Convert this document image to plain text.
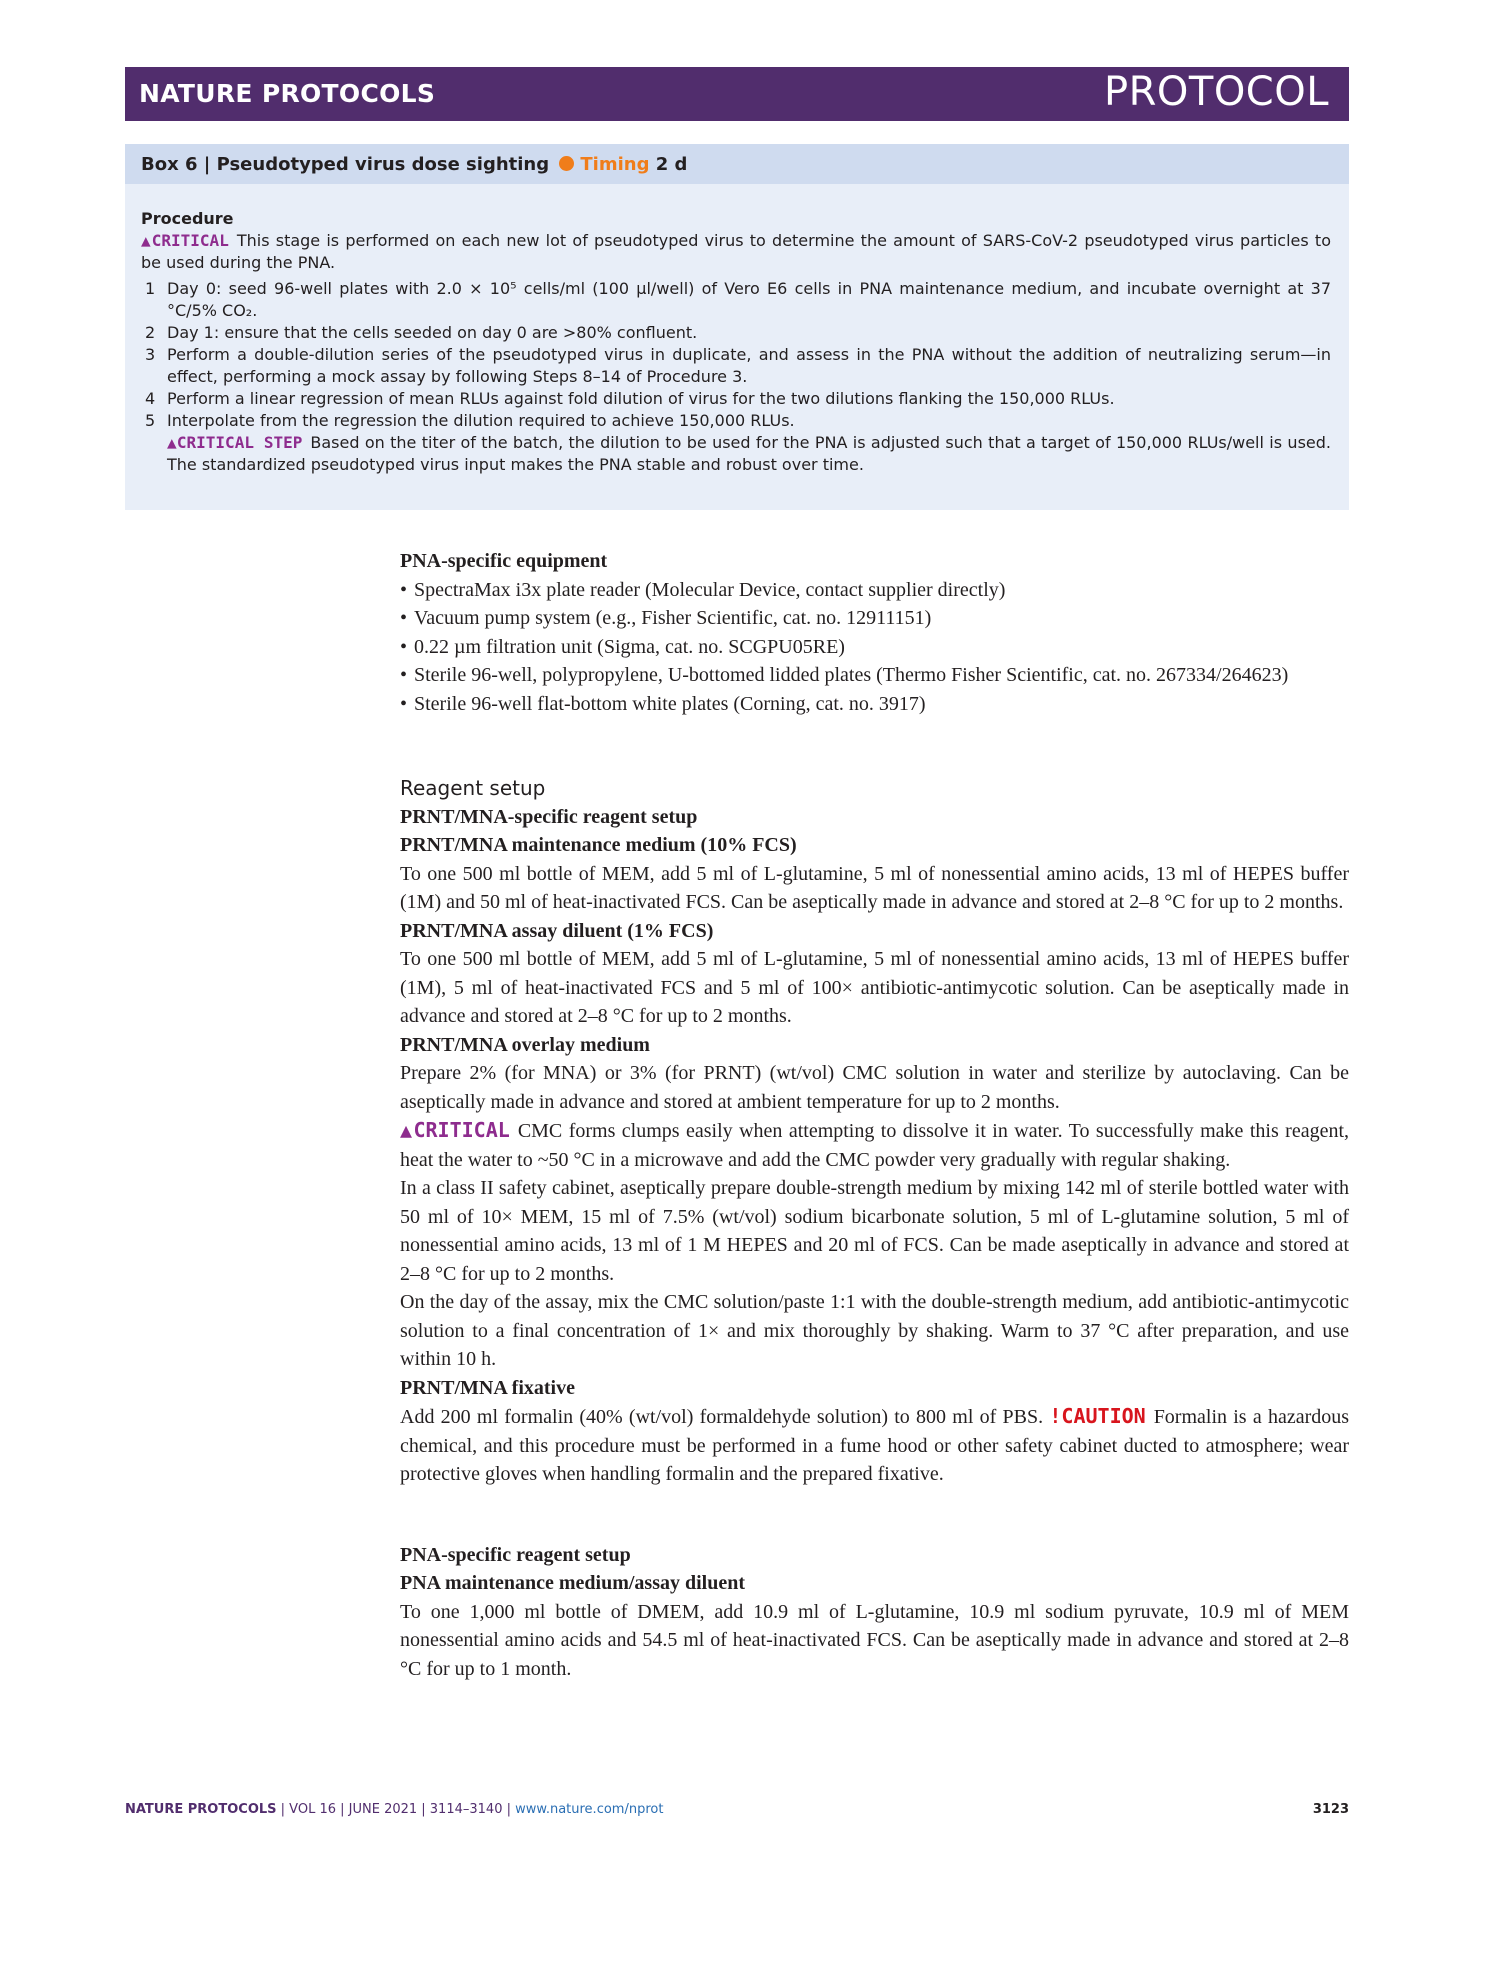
NATURE PROTOCOLS	PROTOCOL
Box 6 | Pseudotyped virus dose sighting Timing 2 d
Procedure

▲CRITICAL This stage is performed on each new lot of pseudotyped virus to determine the amount of SARS-CoV-2 pseudotyped virus particles to be used during the PNA.

1 Day 0: seed 96-well plates with 2.0 × 10⁵ cells/ml (100 µl/well) of Vero E6 cells in PNA maintenance medium, and incubate overnight at 37 °C/5% CO₂.
2 Day 1: ensure that the cells seeded on day 0 are >80% confluent.
3 Perform a double-dilution series of the pseudotyped virus in duplicate, and assess in the PNA without the addition of neutralizing serum—in effect, performing a mock assay by following Steps 8–14 of Procedure 3.
4 Perform a linear regression of mean RLUs against fold dilution of virus for the two dilutions flanking the 150,000 RLUs.
5 Interpolate from the regression the dilution required to achieve 150,000 RLUs.
▲CRITICAL STEP Based on the titer of the batch, the dilution to be used for the PNA is adjusted such that a target of 150,000 RLUs/well is used. The standardized pseudotyped virus input makes the PNA stable and robust over time.
PNA-specific equipment
• SpectraMax i3x plate reader (Molecular Device, contact supplier directly)
• Vacuum pump system (e.g., Fisher Scientific, cat. no. 12911151)
• 0.22 µm filtration unit (Sigma, cat. no. SCGPU05RE)
• Sterile 96-well, polypropylene, U-bottomed lidded plates (Thermo Fisher Scientific, cat. no. 267334/264623)
• Sterile 96-well flat-bottom white plates (Corning, cat. no. 3917)
Reagent setup
PRNT/MNA-specific reagent setup
PRNT/MNA maintenance medium (10% FCS)

To one 500 ml bottle of MEM, add 5 ml of L-glutamine, 5 ml of nonessential amino acids, 13 ml of HEPES buffer (1M) and 50 ml of heat-inactivated FCS. Can be aseptically made in advance and stored at 2–8 °C for up to 2 months.

PRNT/MNA assay diluent (1% FCS)

To one 500 ml bottle of MEM, add 5 ml of L-glutamine, 5 ml of nonessential amino acids, 13 ml of HEPES buffer (1M), 5 ml of heat-inactivated FCS and 5 ml of 100× antibiotic-antimycotic solution. Can be aseptically made in advance and stored at 2–8 °C for up to 2 months.

PRNT/MNA overlay medium

Prepare 2% (for MNA) or 3% (for PRNT) (wt/vol) CMC solution in water and sterilize by autoclaving. Can be aseptically made in advance and stored at ambient temperature for up to 2 months.

▲CRITICAL CMC forms clumps easily when attempting to dissolve it in water. To successfully make this reagent, heat the water to ~50 °C in a microwave and add the CMC powder very gradually with regular shaking.

In a class II safety cabinet, aseptically prepare double-strength medium by mixing 142 ml of sterile bottled water with 50 ml of 10× MEM, 15 ml of 7.5% (wt/vol) sodium bicarbonate solution, 5 ml of L-glutamine solution, 5 ml of nonessential amino acids, 13 ml of 1 M HEPES and 20 ml of FCS. Can be made aseptically in advance and stored at 2–8 °C for up to 2 months.

On the day of the assay, mix the CMC solution/paste 1:1 with the double-strength medium, add antibiotic-antimycotic solution to a final concentration of 1× and mix thoroughly by shaking. Warm to 37 °C after preparation, and use within 10 h.

PRNT/MNA fixative

Add 200 ml formalin (40% (wt/vol) formaldehyde solution) to 800 ml of PBS. !CAUTION Formalin is a hazardous chemical, and this procedure must be performed in a fume hood or other safety cabinet ducted to atmosphere; wear protective gloves when handling formalin and the prepared fixative.

PNA-specific reagent setup
PNA maintenance medium/assay diluent

To one 1,000 ml bottle of DMEM, add 10.9 ml of L-glutamine, 10.9 ml sodium pyruvate, 10.9 ml of MEM nonessential amino acids and 54.5 ml of heat-inactivated FCS. Can be aseptically made in advance and stored at 2–8 °C for up to 1 month.

NATURE PROTOCOLS | VOL 16 | JUNE 2021 | 3114–3140 | www.nature.com/nprot	3123
